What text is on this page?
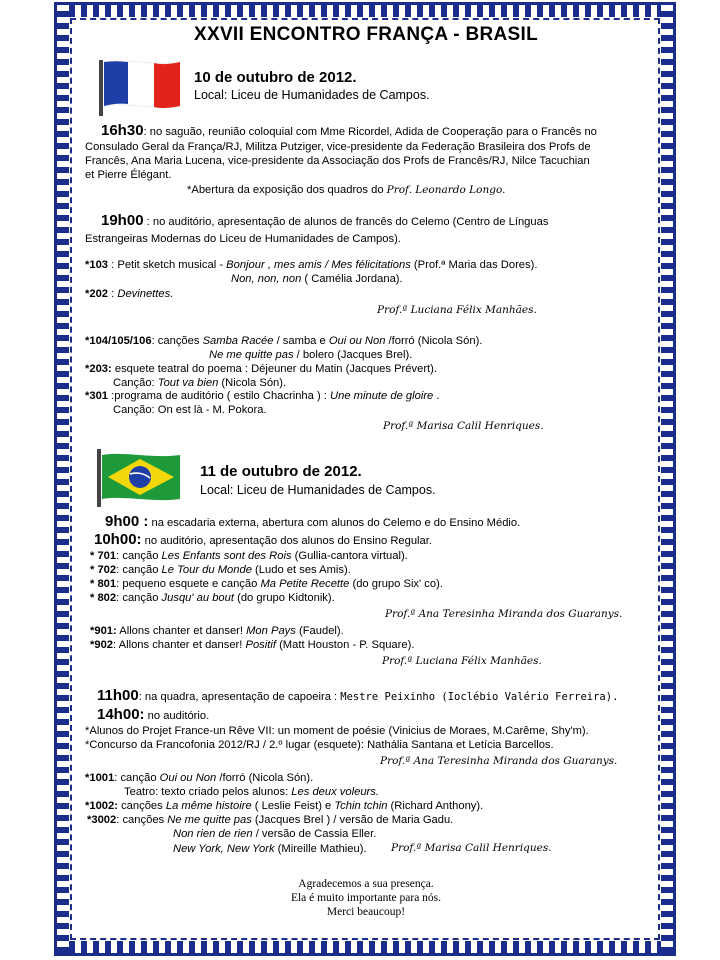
XXVII ENCONTRO FRANÇA - BRASIL
10 de outubro de 2012.
Local: Liceu de Humanidades de Campos.
16h30: no saguão, reunião coloquial com Mme Ricordel, Adida de Cooperação para o Francês no
Consulado Geral da França/RJ, Militza Putziger, vice-presidente da Federação Brasileira dos Profs de
Francês, Ana Maria Lucena, vice-presidente da Associação dos Profs de Francês/RJ, Nilce Tacuchian
et Pierre Élégant.
*Abertura da exposição dos quadros do Prof. Leonardo Longo.
19h00 : no auditório, apresentação de alunos de francês do Celemo (Centro de Línguas
Estrangeiras Modernas do Liceu de Humanidades de Campos).
*103 : Petit sketch musical - Bonjour , mes amis / Mes félicitations (Prof.ª Maria das Dores).
Non, non, non ( Camélia Jordana).
*202 : Devinettes.
Prof.ª Luciana Félix Manhães.
*104/105/106: canções Samba Racée / samba e Oui ou Non /forró (Nicola Són).
Ne me quitte pas / bolero (Jacques Brel).
*203: esquete teatral do poema : Déjeuner du Matin (Jacques Prévert).
Canção: Tout va bien (Nicola Són).
*301 :programa de auditório ( estilo Chacrinha ) : Une minute de gloire .
Canção: On est là - M. Pokora.
Prof.ª Marisa Calil Henriques.
11 de outubro de 2012.
Local: Liceu de Humanidades de Campos.
9h00 : na escadaria externa, abertura com alunos do Celemo e do Ensino Médio.
10h00: no auditório, apresentação dos alunos do Ensino Regular.
* 701: canção Les Enfants sont des Rois (Gullia-cantora virtual).
* 702: canção Le Tour du Monde (Ludo et ses Amis).
* 801: pequeno esquete e canção Ma Petite Recette (do grupo Six' co).
* 802: canção Jusqu' au bout (do grupo Kidtonik).
Prof.ª Ana Teresinha Miranda dos Guaranys.
*901: Allons chanter et danser! Mon Pays (Faudel).
*902: Allons chanter et danser! Positif (Matt Houston - P. Square).
Prof.ª Luciana Félix Manhães.
11h00: na quadra, apresentação de capoeira : Mestre Peixinho (Ioclébio Valério Ferreira).
14h00: no auditório.
*Alunos do Projet France-un Rêve VII: un moment de poésie (Vinicius de Moraes, M.Carême, Shy'm).
*Concurso da Francofonia 2012/RJ / 2.º lugar (esquete): Nathália Santana et Letícia Barcellos.
Prof.ª Ana Teresinha Miranda dos Guaranys.
*1001: canção Oui ou Non /forró (Nicola Són).
Teatro: texto criado pelos alunos: Les deux voleurs.
*1002: canções La même histoire ( Leslie Feist) e Tchin tchin (Richard Anthony).
*3002: canções Ne me quitte pas (Jacques Brel ) / versão de Maria Gadu.
Non rien de rien / versão de Cassia Eller.
New York, New York (Mireille Mathieu). Prof.ª Marisa Calil Henriques.
Agradecemos a sua presença.
Ela é muito importante para nós.
Merci beaucoup!
